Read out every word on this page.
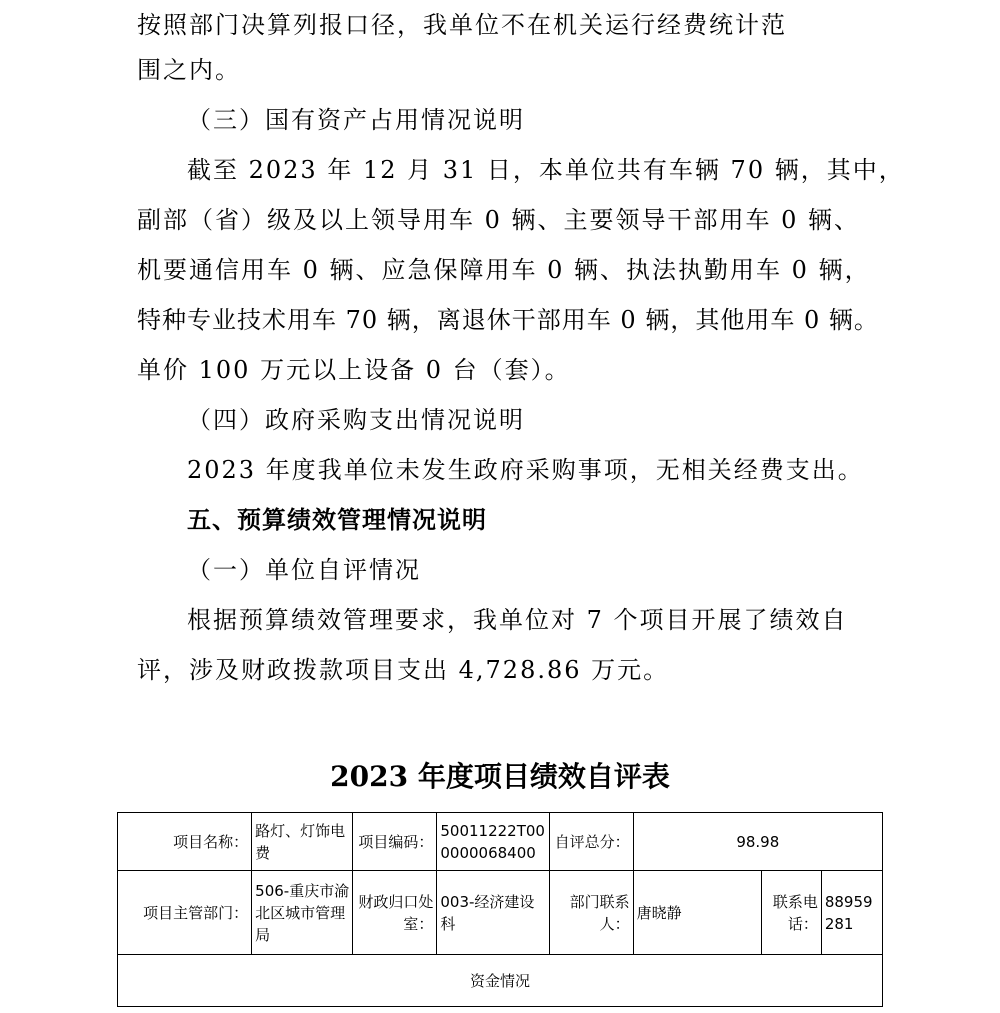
按照部门决算列报口径，我单位不在机关运行经费统计范
围之内。
（三）国有资产占用情况说明
截至 2023 年 12 月 31 日，本单位共有车辆 70 辆，其中，
副部（省）级及以上领导用车 0 辆、主要领导干部用车 0 辆、
机要通信用车 0 辆、应急保障用车 0 辆、执法执勤用车 0 辆，
特种专业技术用车 70 辆，离退休干部用车 0 辆，其他用车 0 辆。
单价 100 万元以上设备 0 台（套）。
（四）政府采购支出情况说明
2023 年度我单位未发生政府采购事项，无相关经费支出。
五、预算绩效管理情况说明
（一）单位自评情况
根据预算绩效管理要求，我单位对 7 个项目开展了绩效自
评，涉及财政拨款项目支出 4,728.86 万元。
2023 年度项目绩效自评表
项目名称：	路灯、灯饰电费	项目编码：	50011222T000000068400	自评总分：	98.98		
项目主管部门：	506-重庆市渝北区城市管理局	财政归口处室：	003-经济建设科	部门联系人：	唐晓静	联系电话：	88959281
资金情况							
